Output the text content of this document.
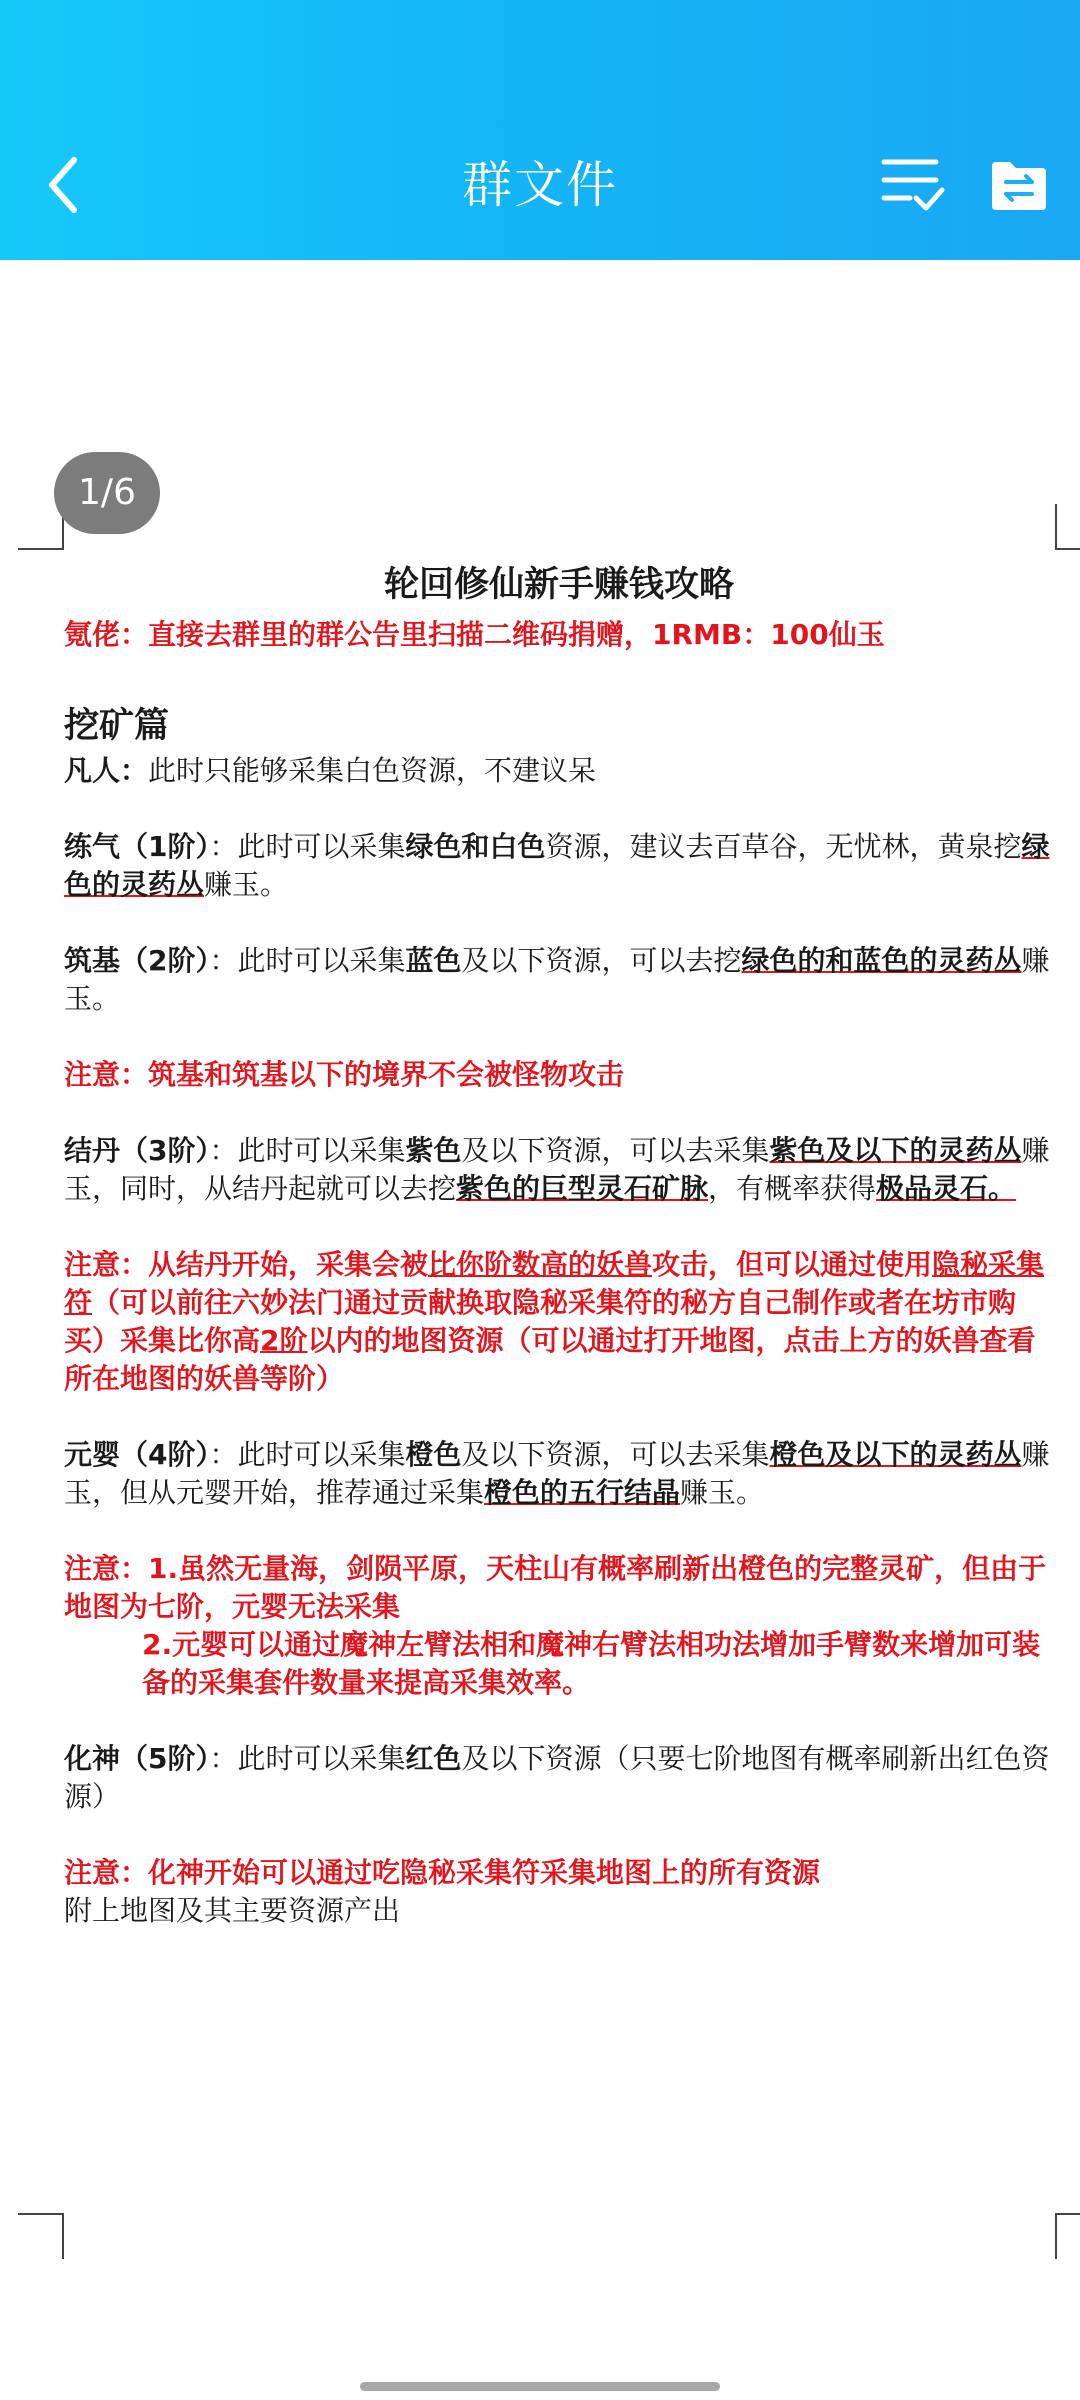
群文件
1/6
轮回修仙新手赚钱攻略

氪佬：直接去群里的群公告里扫描二维码捐赠，1RMB：100仙玉

挖矿篇

凡人：此时只能够采集白色资源，不建议呆

练气（1阶）：此时可以采集绿色和白色资源，建议去百草谷，无忧林，黄泉挖绿色的灵药丛赚玉。

筑基（2阶）：此时可以采集蓝色及以下资源，可以去挖绿色的和蓝色的灵药丛赚玉。

注意：筑基和筑基以下的境界不会被怪物攻击

结丹（3阶）：此时可以采集紫色及以下资源，可以去采集紫色及以下的灵药丛赚玉，同时，从结丹起就可以去挖紫色的巨型灵石矿脉，有概率获得极品灵石。

注意：从结丹开始，采集会被比你阶数高的妖兽攻击，但可以通过使用隐秘采集符（可以前往六妙法门通过贡献换取隐秘采集符的秘方自己制作或者在坊市购买）采集比你高2阶以内的地图资源（可以通过打开地图，点击上方的妖兽查看所在地图的妖兽等阶）

元婴（4阶）：此时可以采集橙色及以下资源，可以去采集橙色及以下的灵药丛赚玉，但从元婴开始，推荐通过采集橙色的五行结晶赚玉。

注意：1.虽然无量海，剑陨平原，天柱山有概率刷新出橙色的完整灵矿，但由于地图为七阶，元婴无法采集

2.元婴可以通过魔神左臂法相和魔神右臂法相功法增加手臂数来增加可装备的采集套件数量来提高采集效率。

化神（5阶）：此时可以采集红色及以下资源（只要七阶地图有概率刷新出红色资源）

注意：化神开始可以通过吃隐秘采集符采集地图上的所有资源

附上地图及其主要资源产出
